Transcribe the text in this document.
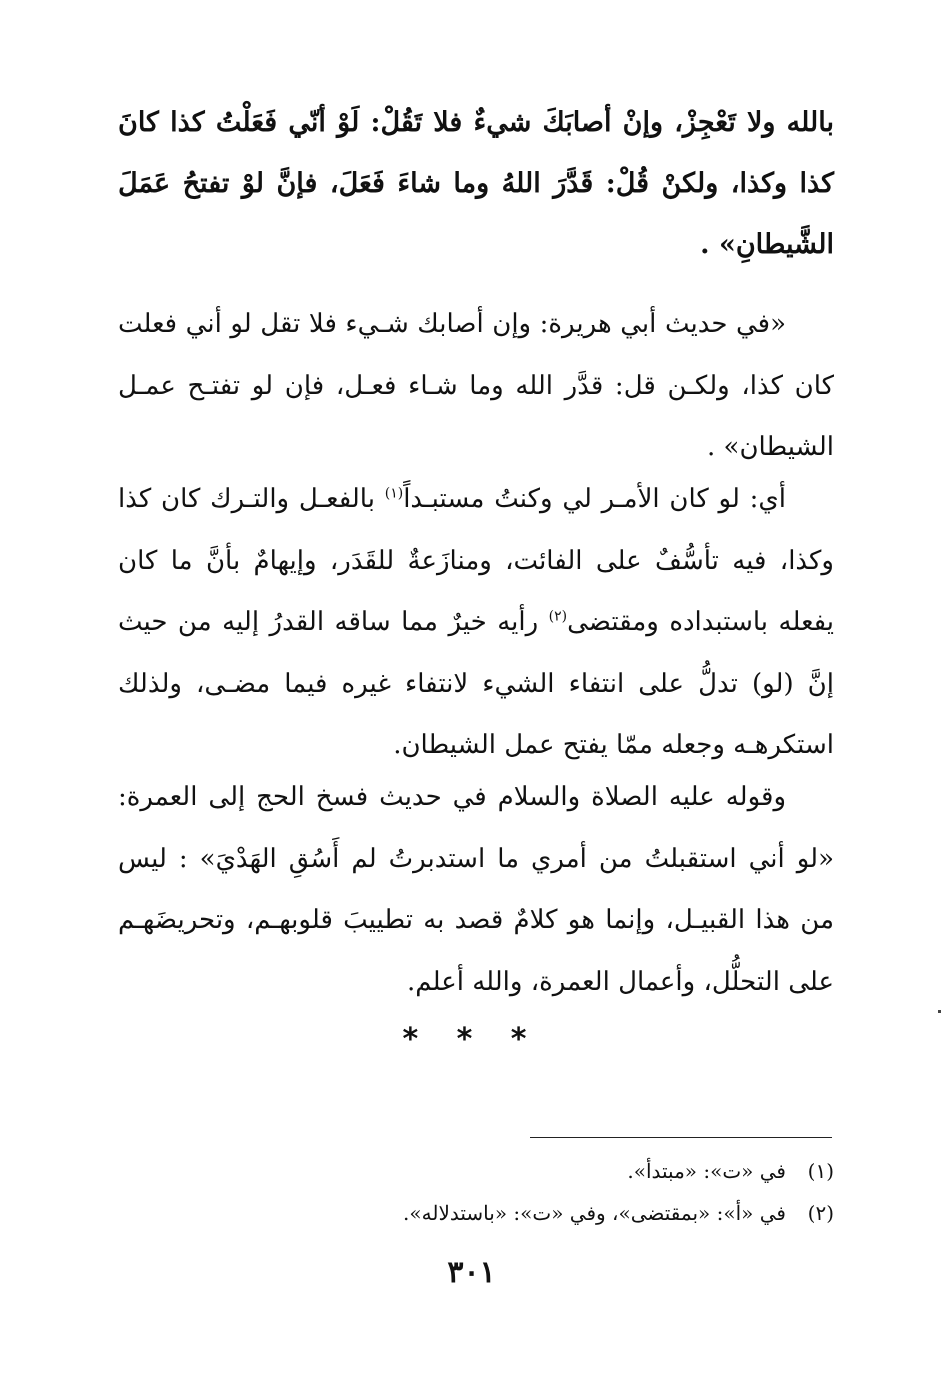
بالله ولا تَعْجِزْ، وإنْ أصابَكَ شيءٌ فلا تَقُلْ: لَوْ أنّي فَعَلْتُ كذا كانَ كذا وكذا، ولكنْ قُلْ: قَدَّرَ اللهُ وما شاءَ فَعَلَ، فإنَّ لوْ تفتحُ عَمَلَ الشَّيطانِ» .

«في حديث أبي هريرة: وإن أصابك شـيء فلا تقل لو أني فعلت كان كذا، ولكـن قل: قدَّر الله وما شـاء فعـل، فإن لو تفتـح عمـل الشيطان» .

أي: لو كان الأمـر لي وكنتُ مستبـداً$^{(١)}$ بالفعـل والتـرك كان كذا وكذا، فيه تأسُّفٌ على الفائت، ومنازَعةٌ للقَدَر، وإيهامٌ بأنَّ ما كان يفعله باستبداده ومقتضى$^{(٢)}$ رأيه خيرٌ مما ساقه القدرُ إليه من حيث إنَّ (لو) تدلُّ على انتفاء الشيء لانتفاء غيره فيما مضـى، ولذلك استكرهـه وجعله ممّا يفتح عمل الشيطان.

وقوله عليه الصلاة والسلام في حديث فسخ الحج إلى العمرة: «لو أني استقبلتُ من أمري ما استدبرتُ لم أَسُقِ الهَدْيَ» : ليس من هذا القبيـل، وإنما هو كلامٌ قصد به تطييبَ قلوبهـم، وتحريضَهـم على التحلُّل، وأعمال العمرة، والله أعلم.

* * *
(١)في «ت»: «مبتدأ».
(٢)في «أ»: «بمقتضى»، وفي «ت»: «باستدلاله».
٣٠١
